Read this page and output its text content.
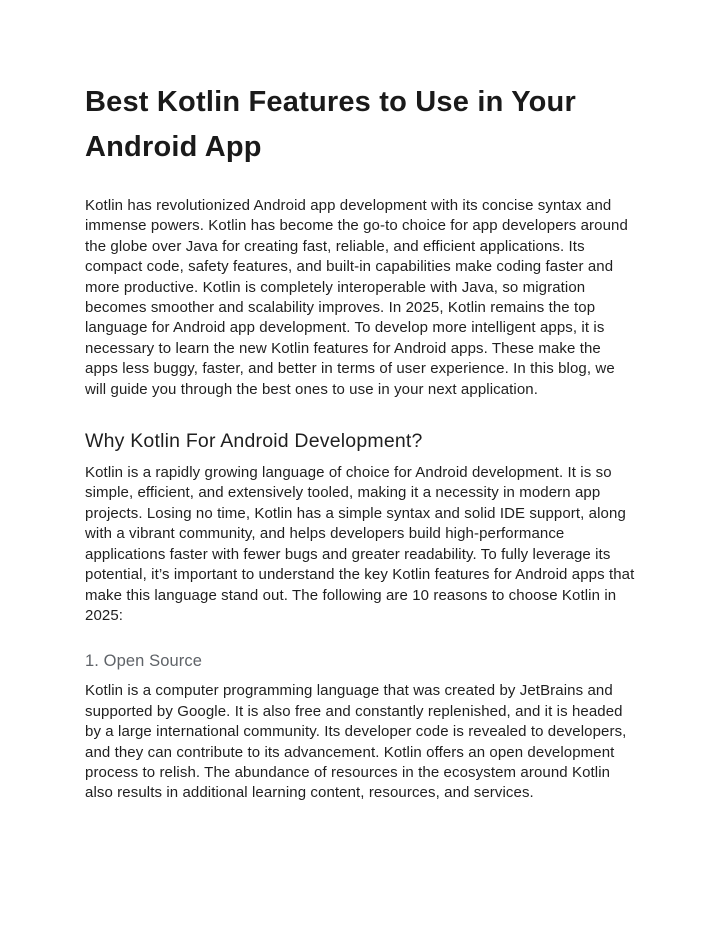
Best Kotlin Features to Use in Your Android App

Kotlin has revolutionized Android app development with its concise syntax and immense powers. Kotlin has become the go-to choice for app developers around the globe over Java for creating fast, reliable, and efficient applications. Its compact code, safety features, and built-in capabilities make coding faster and more productive. Kotlin is completely interoperable with Java, so migration becomes smoother and scalability improves. In 2025, Kotlin remains the top language for Android app development. To develop more intelligent apps, it is necessary to learn the new Kotlin features for Android apps. These make the apps less buggy, faster, and better in terms of user experience. In this blog, we will guide you through the best ones to use in your next application.

Why Kotlin For Android Development?

Kotlin is a rapidly growing language of choice for Android development. It is so simple, efficient, and extensively tooled, making it a necessity in modern app projects. Losing no time, Kotlin has a simple syntax and solid IDE support, along with a vibrant community, and helps developers build high-performance applications faster with fewer bugs and greater readability. To fully leverage its potential, it’s important to understand the key Kotlin features for Android apps that make this language stand out. The following are 10 reasons to choose Kotlin in 2025:

1. Open Source

Kotlin is a computer programming language that was created by JetBrains and supported by Google. It is also free and constantly replenished, and it is headed by a large international community. Its developer code is revealed to developers, and they can contribute to its advancement. Kotlin offers an open development process to relish. The abundance of resources in the ecosystem around Kotlin also results in additional learning content, resources, and services.
